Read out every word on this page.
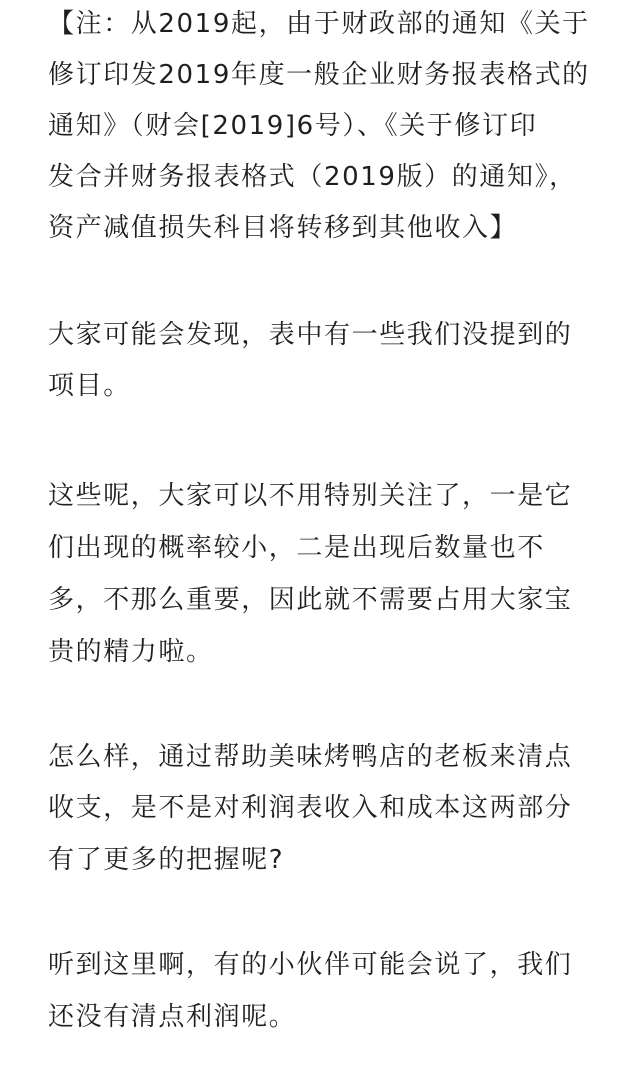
【注：从2019起，由于财政部的通知《关于
修订印发2019年度一般企业财务报表格式的
通知》（财会[2019]6号）、《关于修订印
发合并财务报表格式（2019版）的通知》，
资产减值损失科目将转移到其他收入】
大家可能会发现，表中有一些我们没提到的
项目。
这些呢，大家可以不用特别关注了，一是它
们出现的概率较小，二是出现后数量也不
多，不那么重要，因此就不需要占用大家宝
贵的精力啦。
怎么样，通过帮助美味烤鸭店的老板来清点
收支，是不是对利润表收入和成本这两部分
有了更多的把握呢?
听到这里啊，有的小伙伴可能会说了，我们
还没有清点利润呢。
